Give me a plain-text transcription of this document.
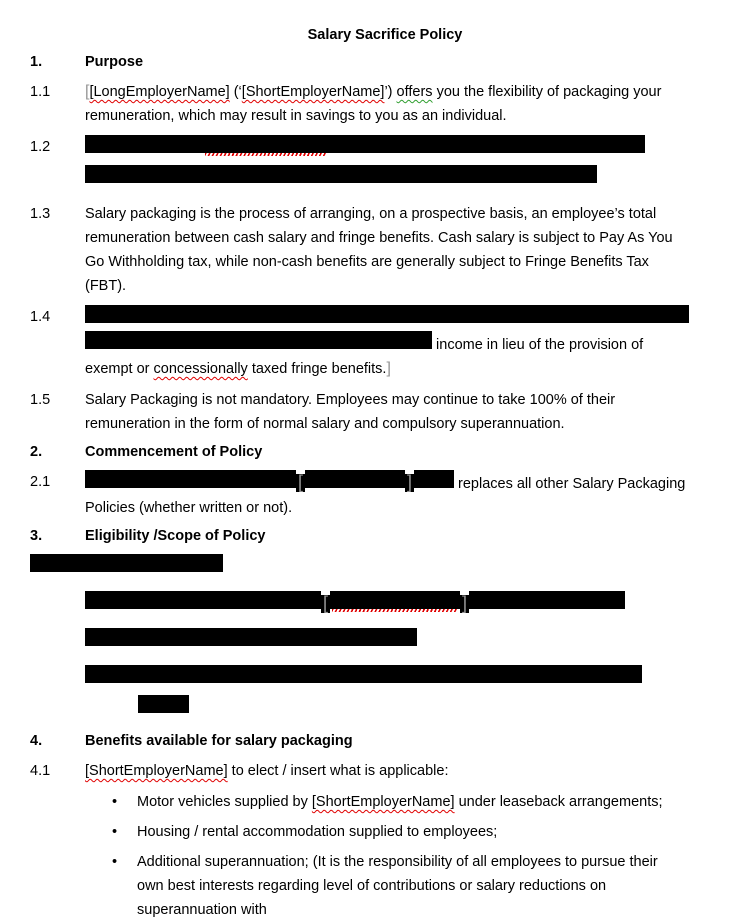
Salary Sacrifice Policy
1.	Purpose
1.1	[[LongEmployerName] (‘[ShortEmployerName]’) offers you the flexibility of packaging your
remuneration, which may result in savings to you as an individual.
1.2

1.3	Salary packaging is the process of arranging, on a prospective basis, an employee’s total
remuneration between cash salary and fringe benefits. Cash salary is subject to Pay As You
Go Withholding tax, while non-cash benefits are generally subject to Fringe Benefits Tax
(FBT).
1.4

income in lieu of the provision of
exempt or concessionally taxed fringe benefits.]
1.5	Salary Packaging is not mandatory. Employees may continue to take 100% of their
remuneration in the form of normal salary and compulsory superannuation.
2.	Commencement of Policy
2.1	[	]	replaces all other Salary Packaging
Policies (whether written or not).
3.	Eligibility /Scope of Policy
[	]

4.	Benefits available for salary packaging
4.1	[ShortEmployerName] to elect / insert what is applicable:
•	Motor vehicles supplied by [ShortEmployerName] under leaseback arrangements;
•	Housing / rental accommodation supplied to employees;
•	Additional superannuation; (It is the responsibility of all employees to pursue their
own best interests regarding level of contributions or salary reductions on
superannuation with
